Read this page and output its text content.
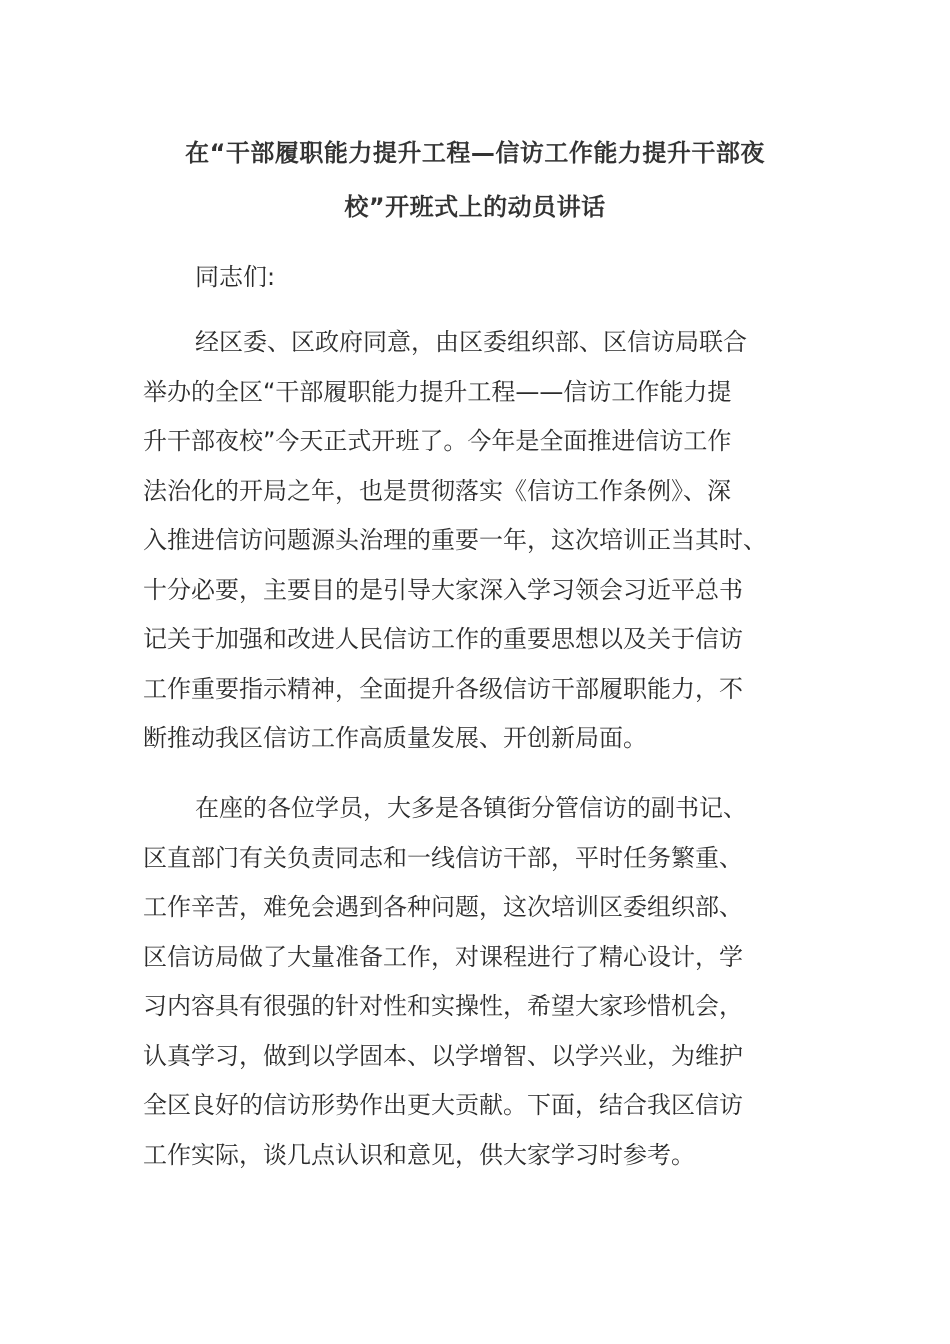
在“干部履职能力提升工程—信访工作能力提升干部夜
校”开班式上的动员讲话
同志们:
经区委、区政府同意，由区委组织部、区信访局联合
举办的全区“干部履职能力提升工程——信访工作能力提
升干部夜校”今天正式开班了。今年是全面推进信访工作
法治化的开局之年，也是贯彻落实《信访工作条例》、深
入推进信访问题源头治理的重要一年，这次培训正当其时、
十分必要，主要目的是引导大家深入学习领会习近平总书
记关于加强和改进人民信访工作的重要思想以及关于信访
工作重要指示精神，全面提升各级信访干部履职能力，不
断推动我区信访工作高质量发展、开创新局面。
在座的各位学员，大多是各镇街分管信访的副书记、
区直部门有关负责同志和一线信访干部，平时任务繁重、
工作辛苦，难免会遇到各种问题，这次培训区委组织部、
区信访局做了大量准备工作，对课程进行了精心设计，学
习内容具有很强的针对性和实操性，希望大家珍惜机会，
认真学习，做到以学固本、以学增智、以学兴业，为维护
全区良好的信访形势作出更大贡献。下面，结合我区信访
工作实际，谈几点认识和意见，供大家学习时参考。
